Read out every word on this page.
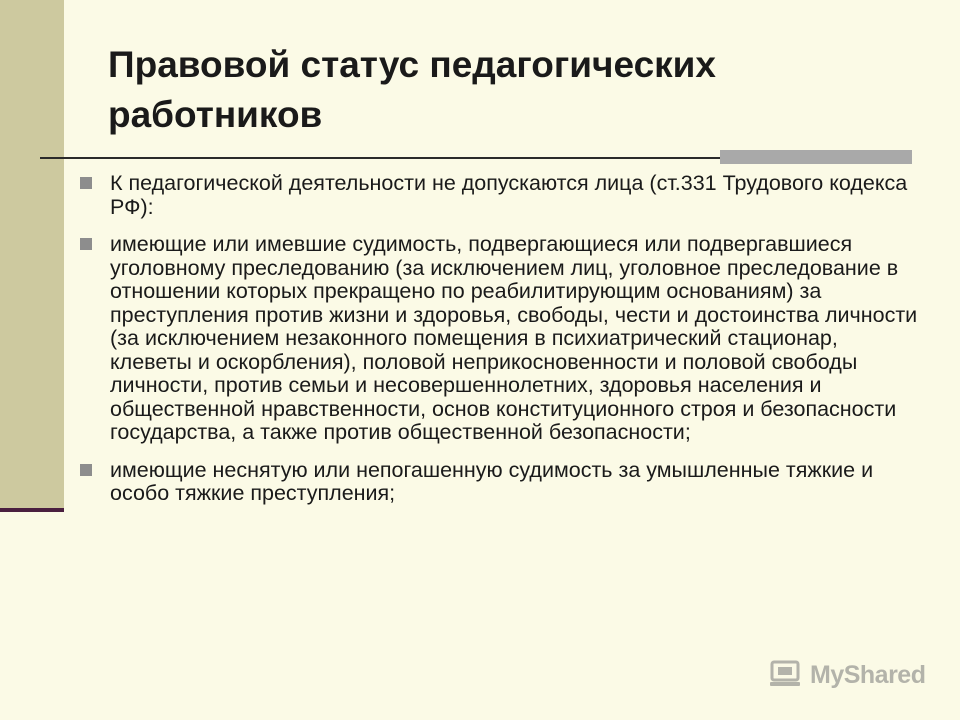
Правовой статус педагогических
работников
К педагогической деятельности не допускаются лица (ст.331 Трудового кодекса РФ):
имеющие или имевшие судимость, подвергающиеся или подвергавшиеся уголовному преследованию (за исключением лиц, уголовное преследование в отношении которых прекращено по реабилитирующим основаниям) за преступления против жизни и здоровья, свободы, чести и достоинства личности (за исключением незаконного помещения в психиатрический стационар, клеветы и оскорбления), половой неприкосновенности и половой свободы личности, против семьи и несовершеннолетних, здоровья населения и общественной нравственности, основ конституционного строя и безопасности государства, а также против общественной безопасности;
имеющие неснятую или непогашенную судимость за умышленные тяжкие и особо тяжкие преступления;
MyShared
